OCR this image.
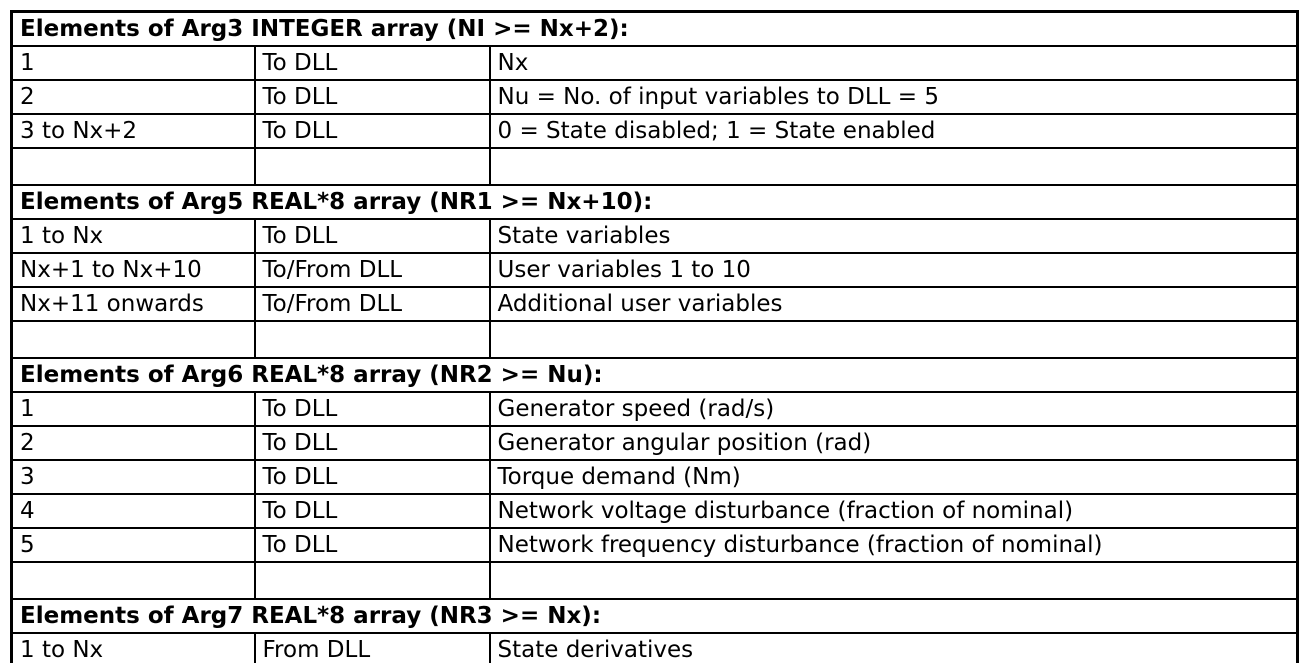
Elements of Arg3 INTEGER array (NI >= Nx+2):		
1	To DLL	Nx
2	To DLL	Nu = No. of input variables to DLL = 5
3 to Nx+2	To DLL	0 = State disabled; 1 = State enabled

Elements of Arg5 REAL*8 array (NR1 >= Nx+10):		
1 to Nx	To DLL	State variables
Nx+1 to Nx+10	To/From DLL	User variables 1 to 10
Nx+11 onwards	To/From DLL	Additional user variables

Elements of Arg6 REAL*8 array (NR2 >= Nu):		
1	To DLL	Generator speed (rad/s)
2	To DLL	Generator angular position (rad)
3	To DLL	Torque demand (Nm)
4	To DLL	Network voltage disturbance (fraction of nominal)
5	To DLL	Network frequency disturbance (fraction of nominal)

Elements of Arg7 REAL*8 array (NR3 >= Nx):		
1 to Nx	From DLL	State derivatives
